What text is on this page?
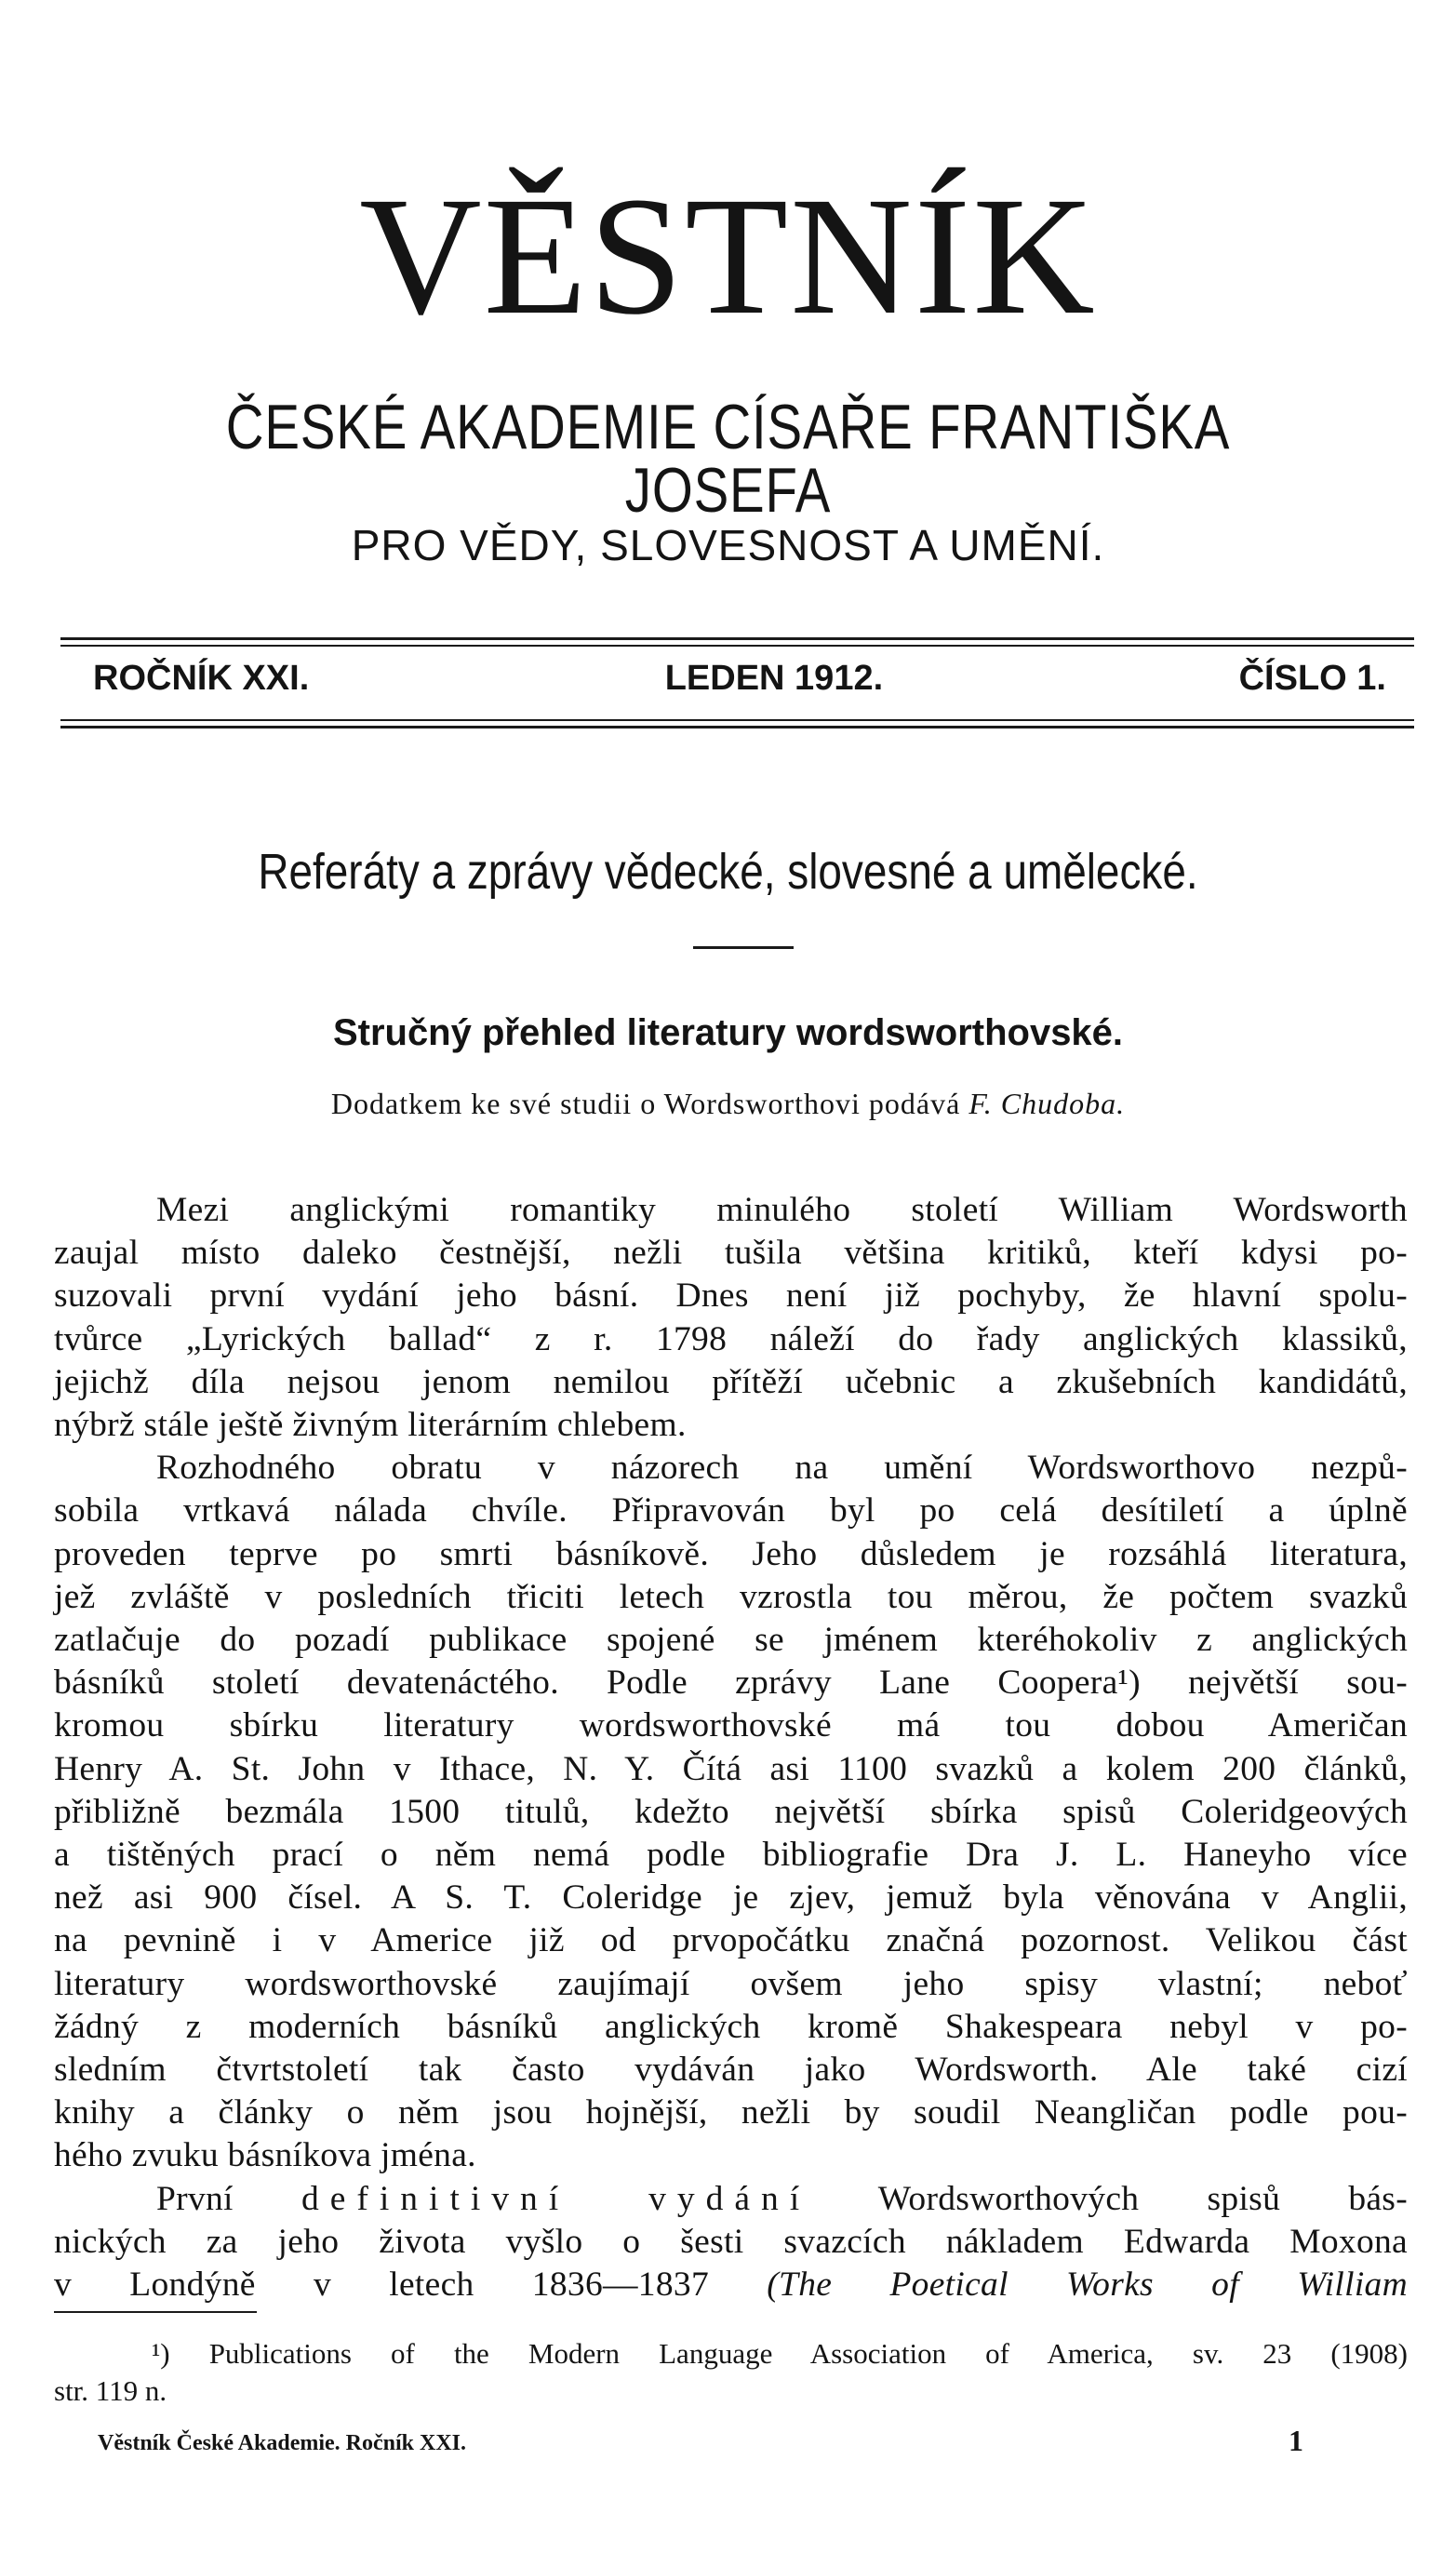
VĚSTNÍK
ČESKÉ AKADEMIE CÍSAŘE FRANTIŠKA JOSEFA
PRO VĚDY, SLOVESNOST A UMĚNÍ.
ROČNÍK XXI.	LEDEN 1912.	ČÍSLO 1.
Referáty a zprávy vědecké, slovesné a umělecké.
Stručný přehled literatury wordsworthovské.
Dodatkem ke své studii o Wordsworthovi podává F. Chudoba.
Mezi anglickými romantiky minulého století William Wordsworth
zaujal místo daleko čestnější, nežli tušila většina kritiků, kteří kdysi po-
suzovali první vydání jeho básní. Dnes není již pochyby, že hlavní spolu-
tvůrce „Lyrických ballad“ z r. 1798 náleží do řady anglických klassiků,
jejichž díla nejsou jenom nemilou přítěží učebnic a zkušebních kandidátů,
nýbrž stále ještě živným literárním chlebem.
Rozhodného obratu v názorech na umění Wordsworthovo nezpů-
sobila vrtkavá nálada chvíle. Připravován byl po celá desítiletí a úplně
proveden teprve po smrti básníkově. Jeho důsledem je rozsáhlá literatura,
jež zvláště v posledních třiciti letech vzrostla tou měrou, že počtem svazků
zatlačuje do pozadí publikace spojené se jménem kteréhokoliv z anglických
básníků století devatenáctého. Podle zprávy Lane Coopera¹) největší sou-
kromou sbírku literatury wordsworthovské má tou dobou Američan
Henry A. St. John v Ithace, N. Y. Čítá asi 1100 svazků a kolem 200 článků,
přibližně bezmála 1500 titulů, kdežto největší sbírka spisů Coleridgeových
a tištěných prací o něm nemá podle bibliografie Dra J. L. Haneyho více
než asi 900 čísel. A S. T. Coleridge je zjev, jemuž byla věnována v Anglii,
na pevnině i v Americe již od prvopočátku značná pozornost. Velikou část
literatury wordsworthovské zaujímají ovšem jeho spisy vlastní; neboť
žádný z moderních básníků anglických kromě Shakespeara nebyl v po-
sledním čtvrtstoletí tak často vydáván jako Wordsworth. Ale také cizí
knihy a články o něm jsou hojnější, nežli by soudil Neangličan podle pou-
hého zvuku básníkova jména.
První definitivní vydání Wordsworthových spisů bás-
nických za jeho života vyšlo o šesti svazcích nákladem Edwarda Moxona
v Londýně v letech 1836—1837 (The Poetical Works of William
¹) Publications of the Modern Language Association of America, sv. 23 (1908)
str. 119 n.
Věstník České Akademie. Ročník XXI.	1
